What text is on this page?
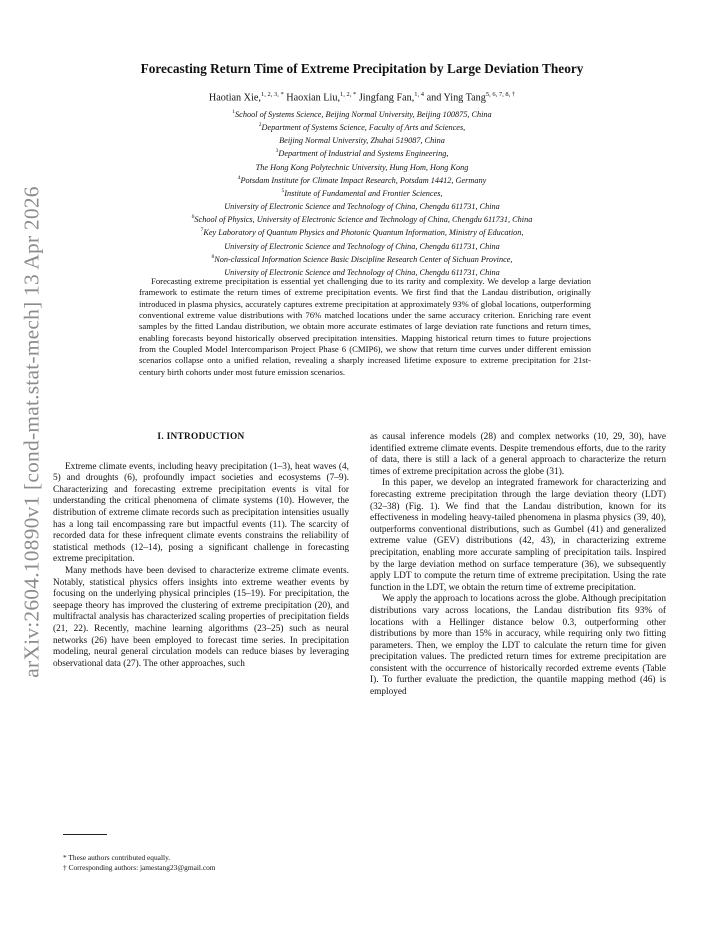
arXiv:2604.10890v1 [cond-mat.stat-mech] 13 Apr 2026
Forecasting Return Time of Extreme Precipitation by Large Deviation Theory
Haotian Xie,$^{1, 2, 3, *}$ Haoxian Liu,$^{1, 2, *}$ Jingfang Fan,$^{1, 4}$ and Ying Tang$^{5, 6, 7, 8, \dagger}$
$^1$School of Systems Science, Beijing Normal University, Beijing 100875, China
$^2$Department of Systems Science, Faculty of Arts and Sciences,
Beijing Normal University, Zhuhai 519087, China
$^3$Department of Industrial and Systems Engineering,
The Hong Kong Polytechnic University, Hung Hom, Hong Kong
$^4$Potsdam Institute for Climate Impact Research, Potsdam 14412, Germany
$^5$Institute of Fundamental and Frontier Sciences,
University of Electronic Science and Technology of China, Chengdu 611731, China
$^6$School of Physics, University of Electronic Science and Technology of China, Chengdu 611731, China
$^7$Key Laboratory of Quantum Physics and Photonic Quantum Information, Ministry of Education,
University of Electronic Science and Technology of China, Chengdu 611731, China
$^8$Non-classical Information Science Basic Discipline Research Center of Sichuan Province,
University of Electronic Science and Technology of China, Chengdu 611731, China

Forecasting extreme precipitation is essential yet challenging due to its rarity and complexity. We develop a large deviation framework to estimate the return times of extreme precipitation events. We first find that the Landau distribution, originally introduced in plasma physics, accurately captures extreme precipitation at approximately 93% of global locations, outperforming conventional extreme value distributions with 76% matched locations under the same accuracy criterion. Enriching rare event samples by the fitted Landau distribution, we obtain more accurate estimates of large deviation rate functions and return times, enabling forecasts beyond historically observed precipitation intensities. Mapping historical return times to future projections from the Coupled Model Intercomparison Project Phase 6 (CMIP6), we show that return time curves under different emission scenarios collapse onto a unified relation, revealing a sharply increased lifetime exposure to extreme precipitation for 21st-century birth cohorts under most future emission scenarios.

I. INTRODUCTION

Extreme climate events, including heavy precipitation (1–3), heat waves (4, 5) and droughts (6), profoundly impact societies and ecosystems (7–9). Characterizing and forecasting extreme precipitation events is vital for understanding the critical phenomena of climate systems (10). However, the distribution of extreme climate records such as precipitation intensities usually has a long tail encompassing rare but impactful events (11). The scarcity of recorded data for these infrequent climate events constrains the reliability of statistical methods (12–14), posing a significant challenge in forecasting extreme precipitation.

Many methods have been devised to characterize extreme climate events. Notably, statistical physics offers insights into extreme weather events by focusing on the underlying physical principles (15–19). For precipitation, the seepage theory has improved the clustering of extreme precipitation (20), and multifractal analysis has characterized scaling properties of precipitation fields (21, 22). Recently, machine learning algorithms (23–25) such as neural networks (26) have been employed to forecast time series. In precipitation modeling, neural general circulation models can reduce biases by leveraging observational data (27). The other approaches, such

as causal inference models (28) and complex networks (10, 29, 30), have identified extreme climate events. Despite tremendous efforts, due to the rarity of data, there is still a lack of a general approach to characterize the return times of extreme precipitation across the globe (31).

In this paper, we develop an integrated framework for characterizing and forecasting extreme precipitation through the large deviation theory (LDT) (32–38) (Fig. 1). We find that the Landau distribution, known for its effectiveness in modeling heavy-tailed phenomena in plasma physics (39, 40), outperforms conventional distributions, such as Gumbel (41) and generalized extreme value (GEV) distributions (42, 43), in characterizing extreme precipitation, enabling more accurate sampling of precipitation tails. Inspired by the large deviation method on surface temperature (36), we subsequently apply LDT to compute the return time of extreme precipitation. Using the rate function in the LDT, we obtain the return time of extreme precipitation.

We apply the approach to locations across the globe. Although precipitation distributions vary across locations, the Landau distribution fits 93% of locations with a Hellinger distance below 0.3, outperforming other distributions by more than 15% in accuracy, while requiring only two fitting parameters. Then, we employ the LDT to calculate the return time for given precipitation values. The predicted return times for extreme precipitation are consistent with the occurrence of historically recorded extreme events (Table I). To further evaluate the prediction, the quantile mapping method (46) is employed

* These authors contributed equally.
† Corresponding authors: jamestang23@gmail.com
